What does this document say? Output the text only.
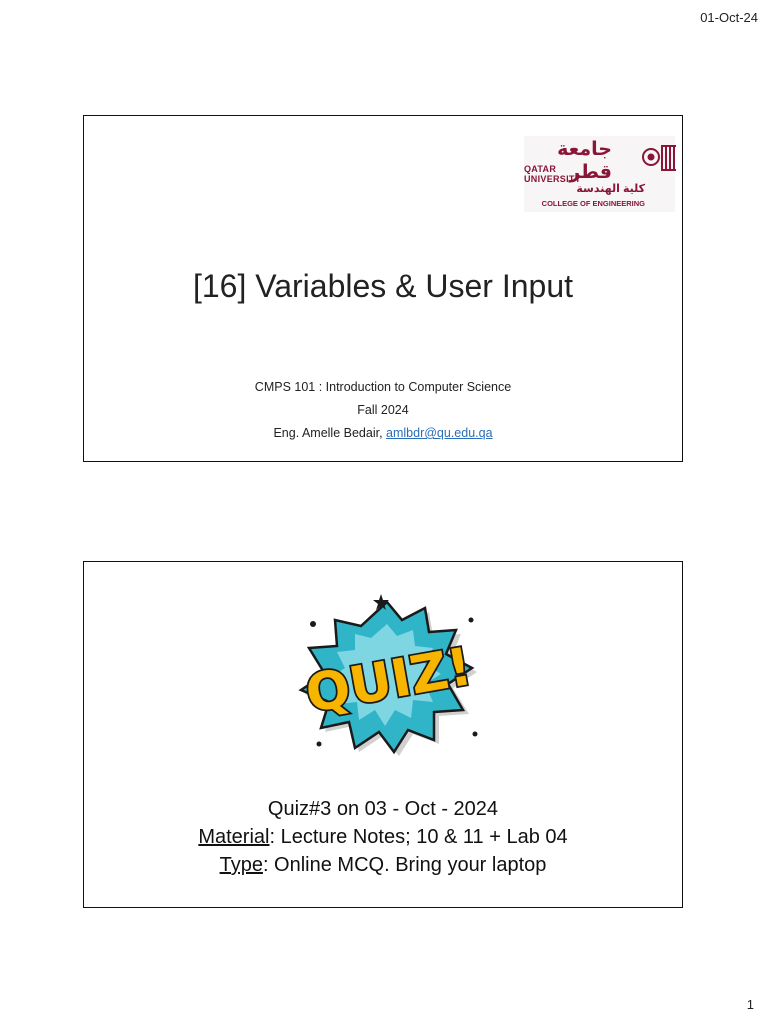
01-Oct-24
جامعة قطر
QATAR UNIVERSITY
كلية الهندسة
COLLEGE OF ENGINEERING
[16] Variables & User Input
CMPS 101 : Introduction to Computer Science
Fall 2024
Eng. Amelle Bedair, amlbdr@qu.edu.qa
QUIZ!
Quiz#3 on 03 - Oct - 2024
Material: Lecture Notes; 10 & 11 + Lab 04
Type: Online MCQ. Bring your laptop
1
